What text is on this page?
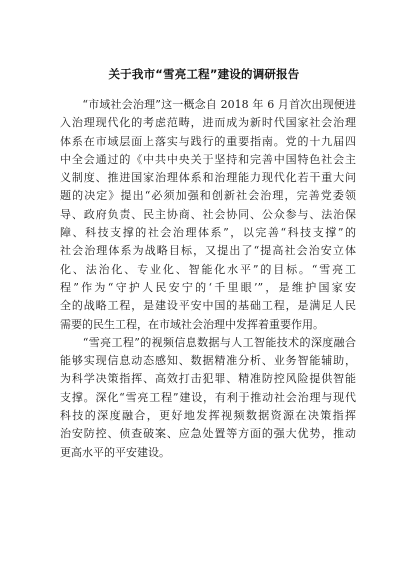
关于我市“雪亮工程”建设的调研报告
　　“市域社会治理”这一概念自 2018 年 6 月首次出现便进
入治理现代化的考虑范畴，进而成为新时代国家社会治理
体系在市域层面上落实与践行的重要指南。党的十九届四
中全会通过的《中共中央关于坚持和完善中国特色社会主
义制度、推进国家治理体系和治理能力现代化若干重大问
题的决定》提出“必须加强和创新社会治理，完善党委领
导、政府负责、民主协商、社会协同、公众参与、法治保
障、科技支撑的社会治理体系”，以完善“科技支撑”的
社会治理体系为战略目标，又提出了“提高社会治安立体
化、法治化、专业化、智能化水平”的目标。“雪亮工
程”作为“守护人民安宁的‘千里眼’”，是维护国家安
全的战略工程，是建设平安中国的基础工程，是满足人民
需要的民生工程，在市域社会治理中发挥着重要作用。
　　“雪亮工程”的视频信息数据与人工智能技术的深度融合
能够实现信息动态感知、数据精准分析、业务智能辅助，
为科学决策指挥、高效打击犯罪、精准防控风险提供智能
支撑。深化“雪亮工程”建设，有利于推动社会治理与现代
科技的深度融合，更好地发挥视频数据资源在决策指挥
治安防控、侦查破案、应急处置等方面的强大优势，推动
更高水平的平安建设。
